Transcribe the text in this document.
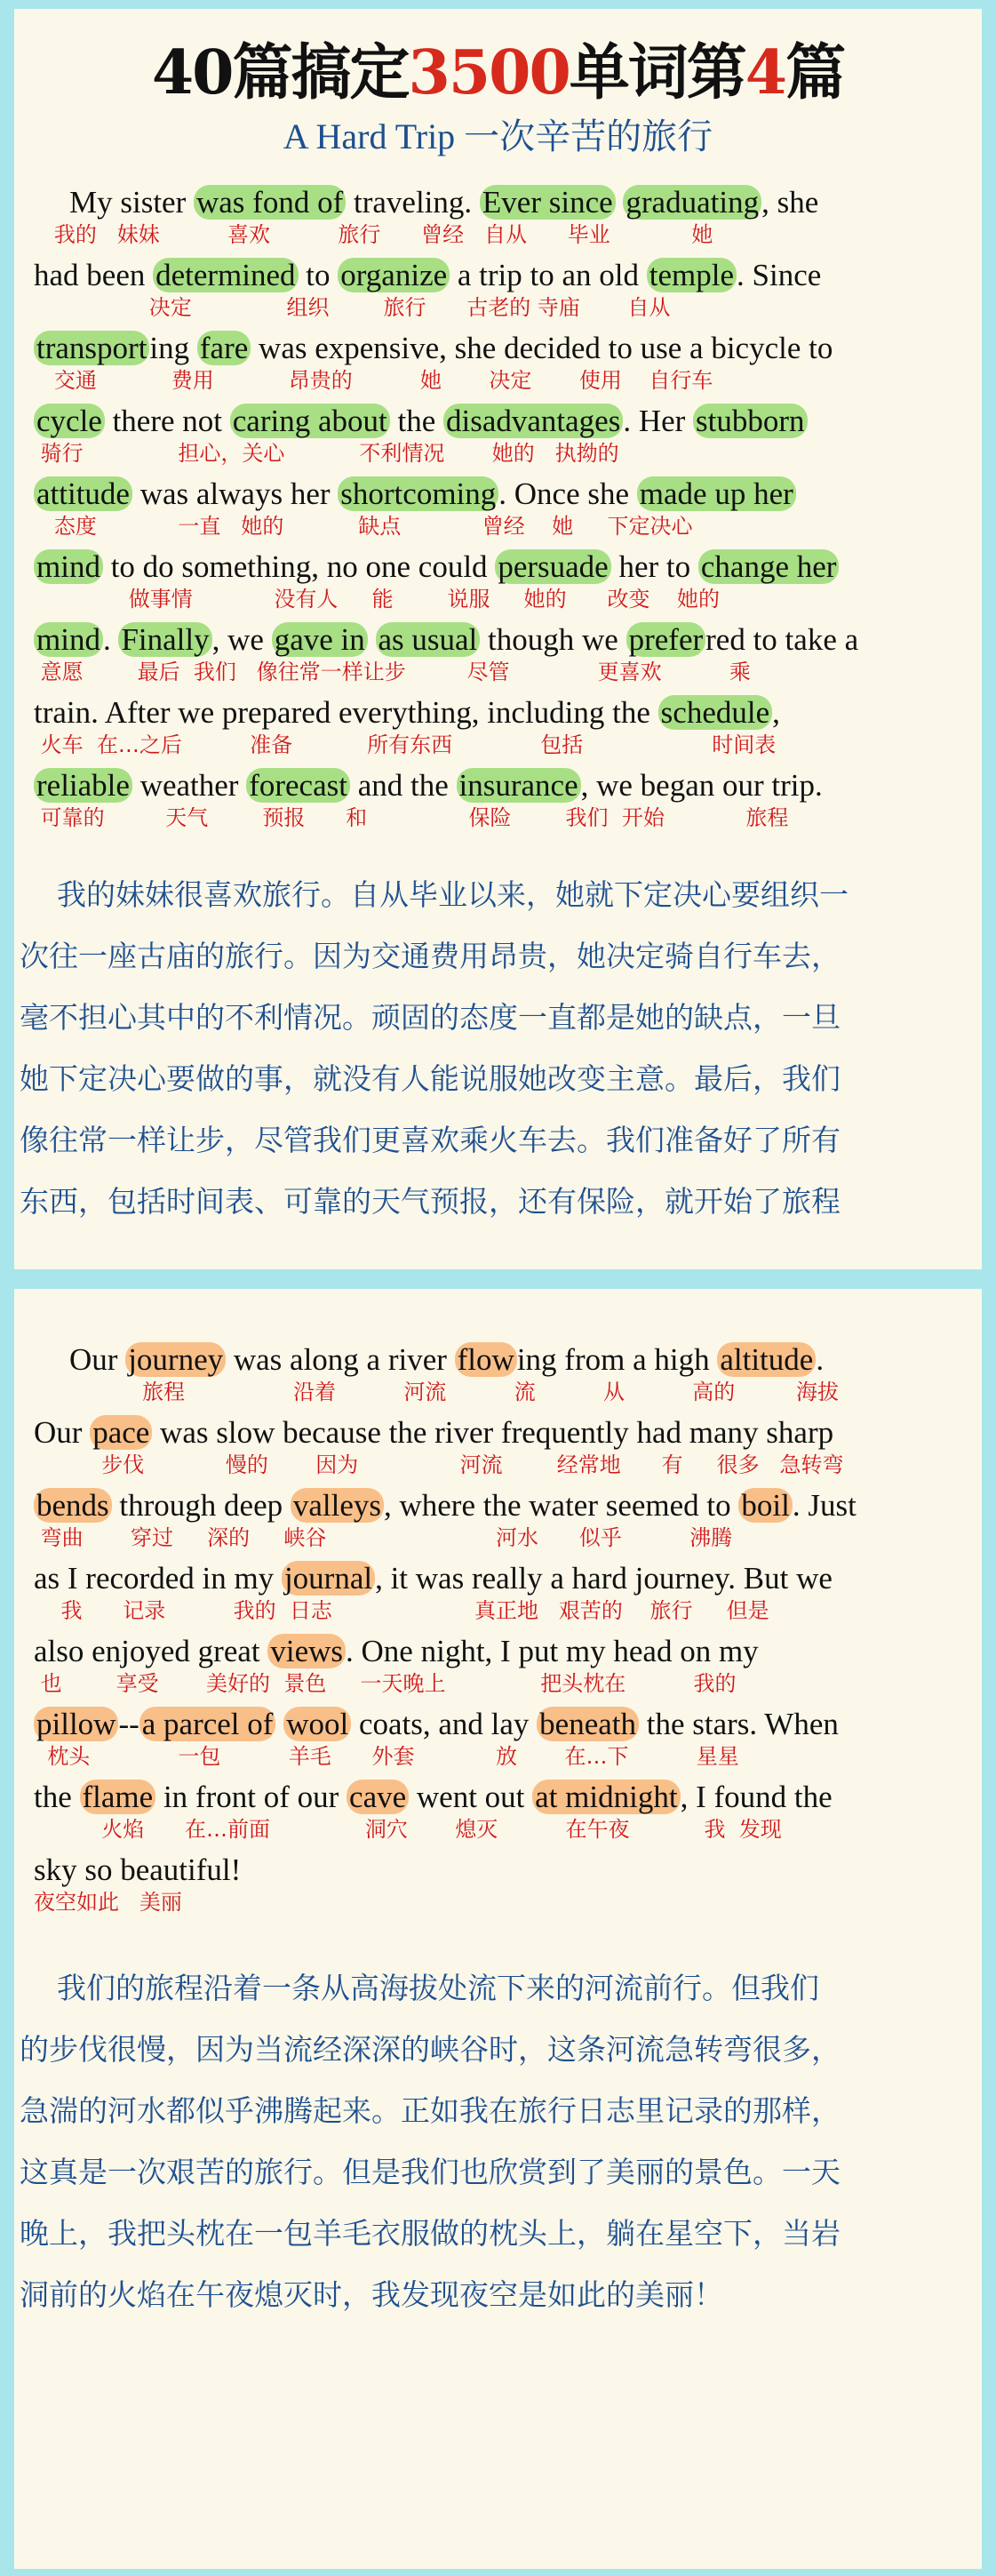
40篇搞定3500单词第4篇
A Hard Trip 一次辛苦的旅行
My sister was fond of traveling. Ever since graduating, she
我的   妹妹          喜欢          旅行      曾经   自从      毕业            她
had been determined to organize a trip to an old temple. Since
决定              组织        旅行      古老的 寺庙       自从
transporting fare was expensive, she decided to use a bicycle to
交通           费用           昂贵的          她       决定       使用    自行车
cycle there not caring about the disadvantages. Her stubborn
骑行              担心，关心           不利情况       她的   执拗的
attitude was always her shortcoming. Once she made up her
态度            一直   她的           缺点            曾经    她     下定决心
mind to do something, no one could persuade her to change her
做事情            没有人     能        说服     她的      改变    她的
mind. Finally, we gave in as usual though we preferred to take a
意愿        最后  我们   像往常一样让步         尽管             更喜欢          乘
train. After we prepared everything, including the schedule,
火车  在…之后          准备           所有东西             包括                   时间表
reliable weather forecast and the insurance, we began our trip.
可靠的         天气        预报      和               保险        我们  开始            旅程

我的妹妹很喜欢旅行。自从毕业以来，她就下定决心要组织一

次往一座古庙的旅行。因为交通费用昂贵，她决定骑自行车去，

毫不担心其中的不利情况。顽固的态度一直都是她的缺点，一旦

她下定决心要做的事，就没有人能说服她改变主意。最后，我们

像往常一样让步，尽管我们更喜欢乘火车去。我们准备好了所有

东西，包括时间表、可靠的天气预报，还有保险，就开始了旅程

Our journey was along a river flowing from a high altitude.
旅程                沿着          河流          流          从          高的         海拔
Our pace was slow because the river frequently had many sharp
步伐            慢的       因为               河流        经常地      有     很多   急转弯
bends through deep valleys, where the water seemed to boil. Just
弯曲       穿过     深的     峡谷                         河水      似乎          沸腾
as I recorded in my journal, it was really a hard journey. But we
我      记录          我的  日志                     真正地   艰苦的    旅行     但是
also enjoyed great views. One night, I put my head on my
也        享受       美好的  景色     一天晚上              把头枕在          我的
pillow--a parcel of wool coats, and lay beneath the stars. When
枕头             一包          羊毛      外套            放       在…下          星星
the flame in front of our cave went out at midnight, I found the
火焰      在…前面              洞穴       熄灭          在午夜           我  发现
sky so beautiful!
夜空如此   美丽

我们的旅程沿着一条从高海拔处流下来的河流前行。但我们

的步伐很慢，因为当流经深深的峡谷时，这条河流急转弯很多，

急湍的河水都似乎沸腾起来。正如我在旅行日志里记录的那样，

这真是一次艰苦的旅行。但是我们也欣赏到了美丽的景色。一天

晚上，我把头枕在一包羊毛衣服做的枕头上，躺在星空下，当岩

洞前的火焰在午夜熄灭时，我发现夜空是如此的美丽！
